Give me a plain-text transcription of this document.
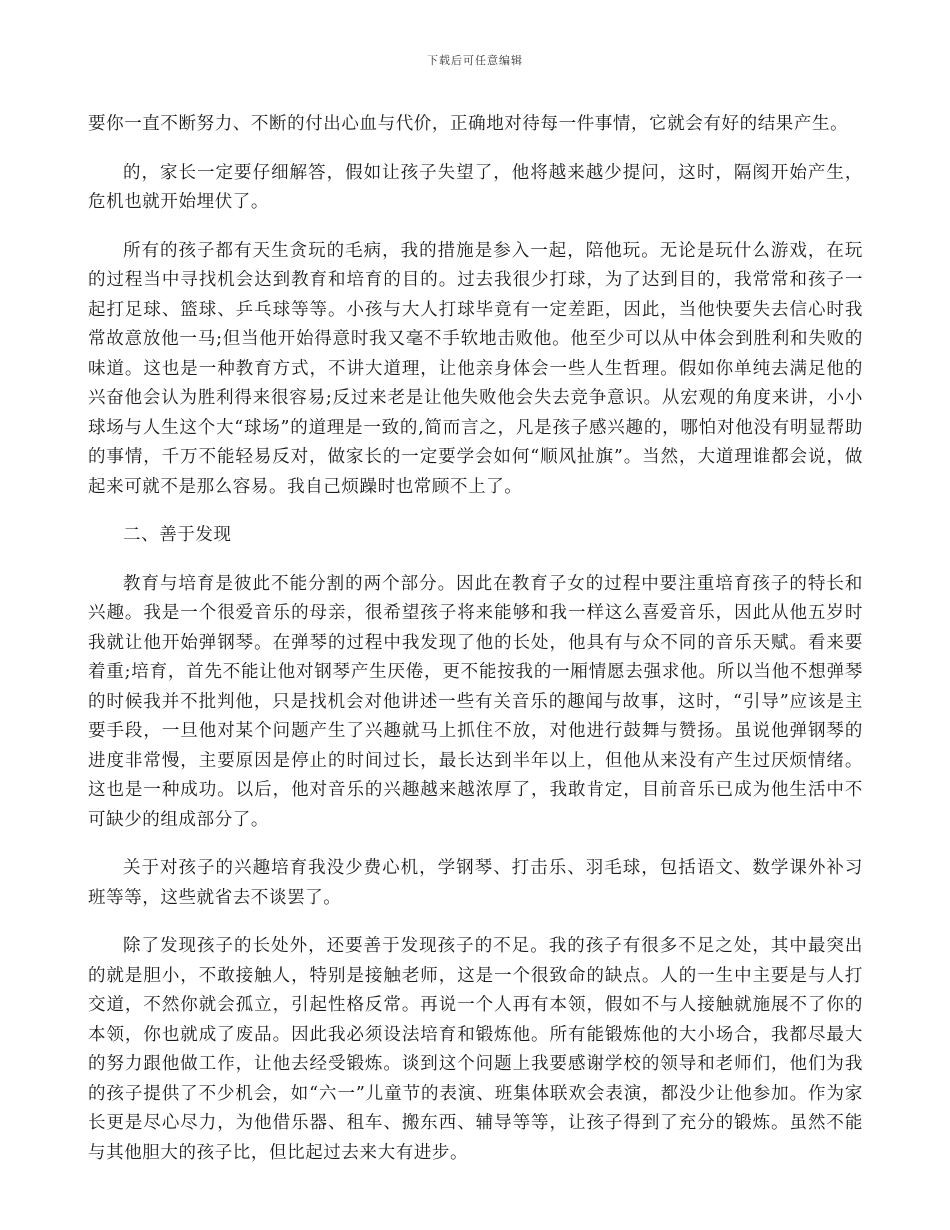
下载后可任意编辑

要你一直不断努力、不断的付出心血与代价，正确地对待每一件事情，它就会有好的结果产生。

的，家长一定要仔细解答，假如让孩子失望了，他将越来越少提问，这时，隔阂开始产生，危机也就开始埋伏了。

所有的孩子都有天生贪玩的毛病，我的措施是参入一起，陪他玩。无论是玩什么游戏，在玩的过程当中寻找机会达到教育和培育的目的。过去我很少打球，为了达到目的，我常常和孩子一起打足球、篮球、乒乓球等等。小孩与大人打球毕竟有一定差距，因此，当他快要失去信心时我常故意放他一马;但当他开始得意时我又毫不手软地击败他。他至少可以从中体会到胜利和失败的味道。这也是一种教育方式，不讲大道理，让他亲身体会一些人生哲理。假如你单纯去满足他的兴奋他会认为胜利得来很容易;反过来老是让他失败他会失去竞争意识。从宏观的角度来讲，小小球场与人生这个大“球场”的道理是一致的,简而言之，凡是孩子感兴趣的，哪怕对他没有明显帮助的事情，千万不能轻易反对，做家长的一定要学会如何“顺风扯旗”。当然，大道理谁都会说，做起来可就不是那么容易。我自己烦躁时也常顾不上了。

二、善于发现

教育与培育是彼此不能分割的两个部分。因此在教育子女的过程中要注重培育孩子的特长和兴趣。我是一个很爱音乐的母亲，很希望孩子将来能够和我一样这么喜爱音乐，因此从他五岁时我就让他开始弹钢琴。在弹琴的过程中我发现了他的长处，他具有与众不同的音乐天赋。看来要着重;培育，首先不能让他对钢琴产生厌倦，更不能按我的一厢情愿去强求他。所以当他不想弹琴的时候我并不批判他，只是找机会对他讲述一些有关音乐的趣闻与故事，这时，“引导”应该是主要手段，一旦他对某个问题产生了兴趣就马上抓住不放，对他进行鼓舞与赞扬。虽说他弹钢琴的进度非常慢，主要原因是停止的时间过长，最长达到半年以上，但他从来没有产生过厌烦情绪。这也是一种成功。以后，他对音乐的兴趣越来越浓厚了，我敢肯定，目前音乐已成为他生活中不可缺少的组成部分了。

关于对孩子的兴趣培育我没少费心机，学钢琴、打击乐、羽毛球，包括语文、数学课外补习班等等，这些就省去不谈罢了。

除了发现孩子的长处外，还要善于发现孩子的不足。我的孩子有很多不足之处，其中最突出的就是胆小，不敢接触人，特别是接触老师，这是一个很致命的缺点。人的一生中主要是与人打交道，不然你就会孤立，引起性格反常。再说一个人再有本领，假如不与人接触就施展不了你的本领，你也就成了废品。因此我必须设法培育和锻炼他。所有能锻炼他的大小场合，我都尽最大的努力跟他做工作，让他去经受锻炼。谈到这个问题上我要感谢学校的领导和老师们，他们为我的孩子提供了不少机会，如“六一”儿童节的表演、班集体联欢会表演，都没少让他参加。作为家长更是尽心尽力，为他借乐器、租车、搬东西、辅导等等，让孩子得到了充分的锻炼。虽然不能与其他胆大的孩子比，但比起过去来大有进步。
